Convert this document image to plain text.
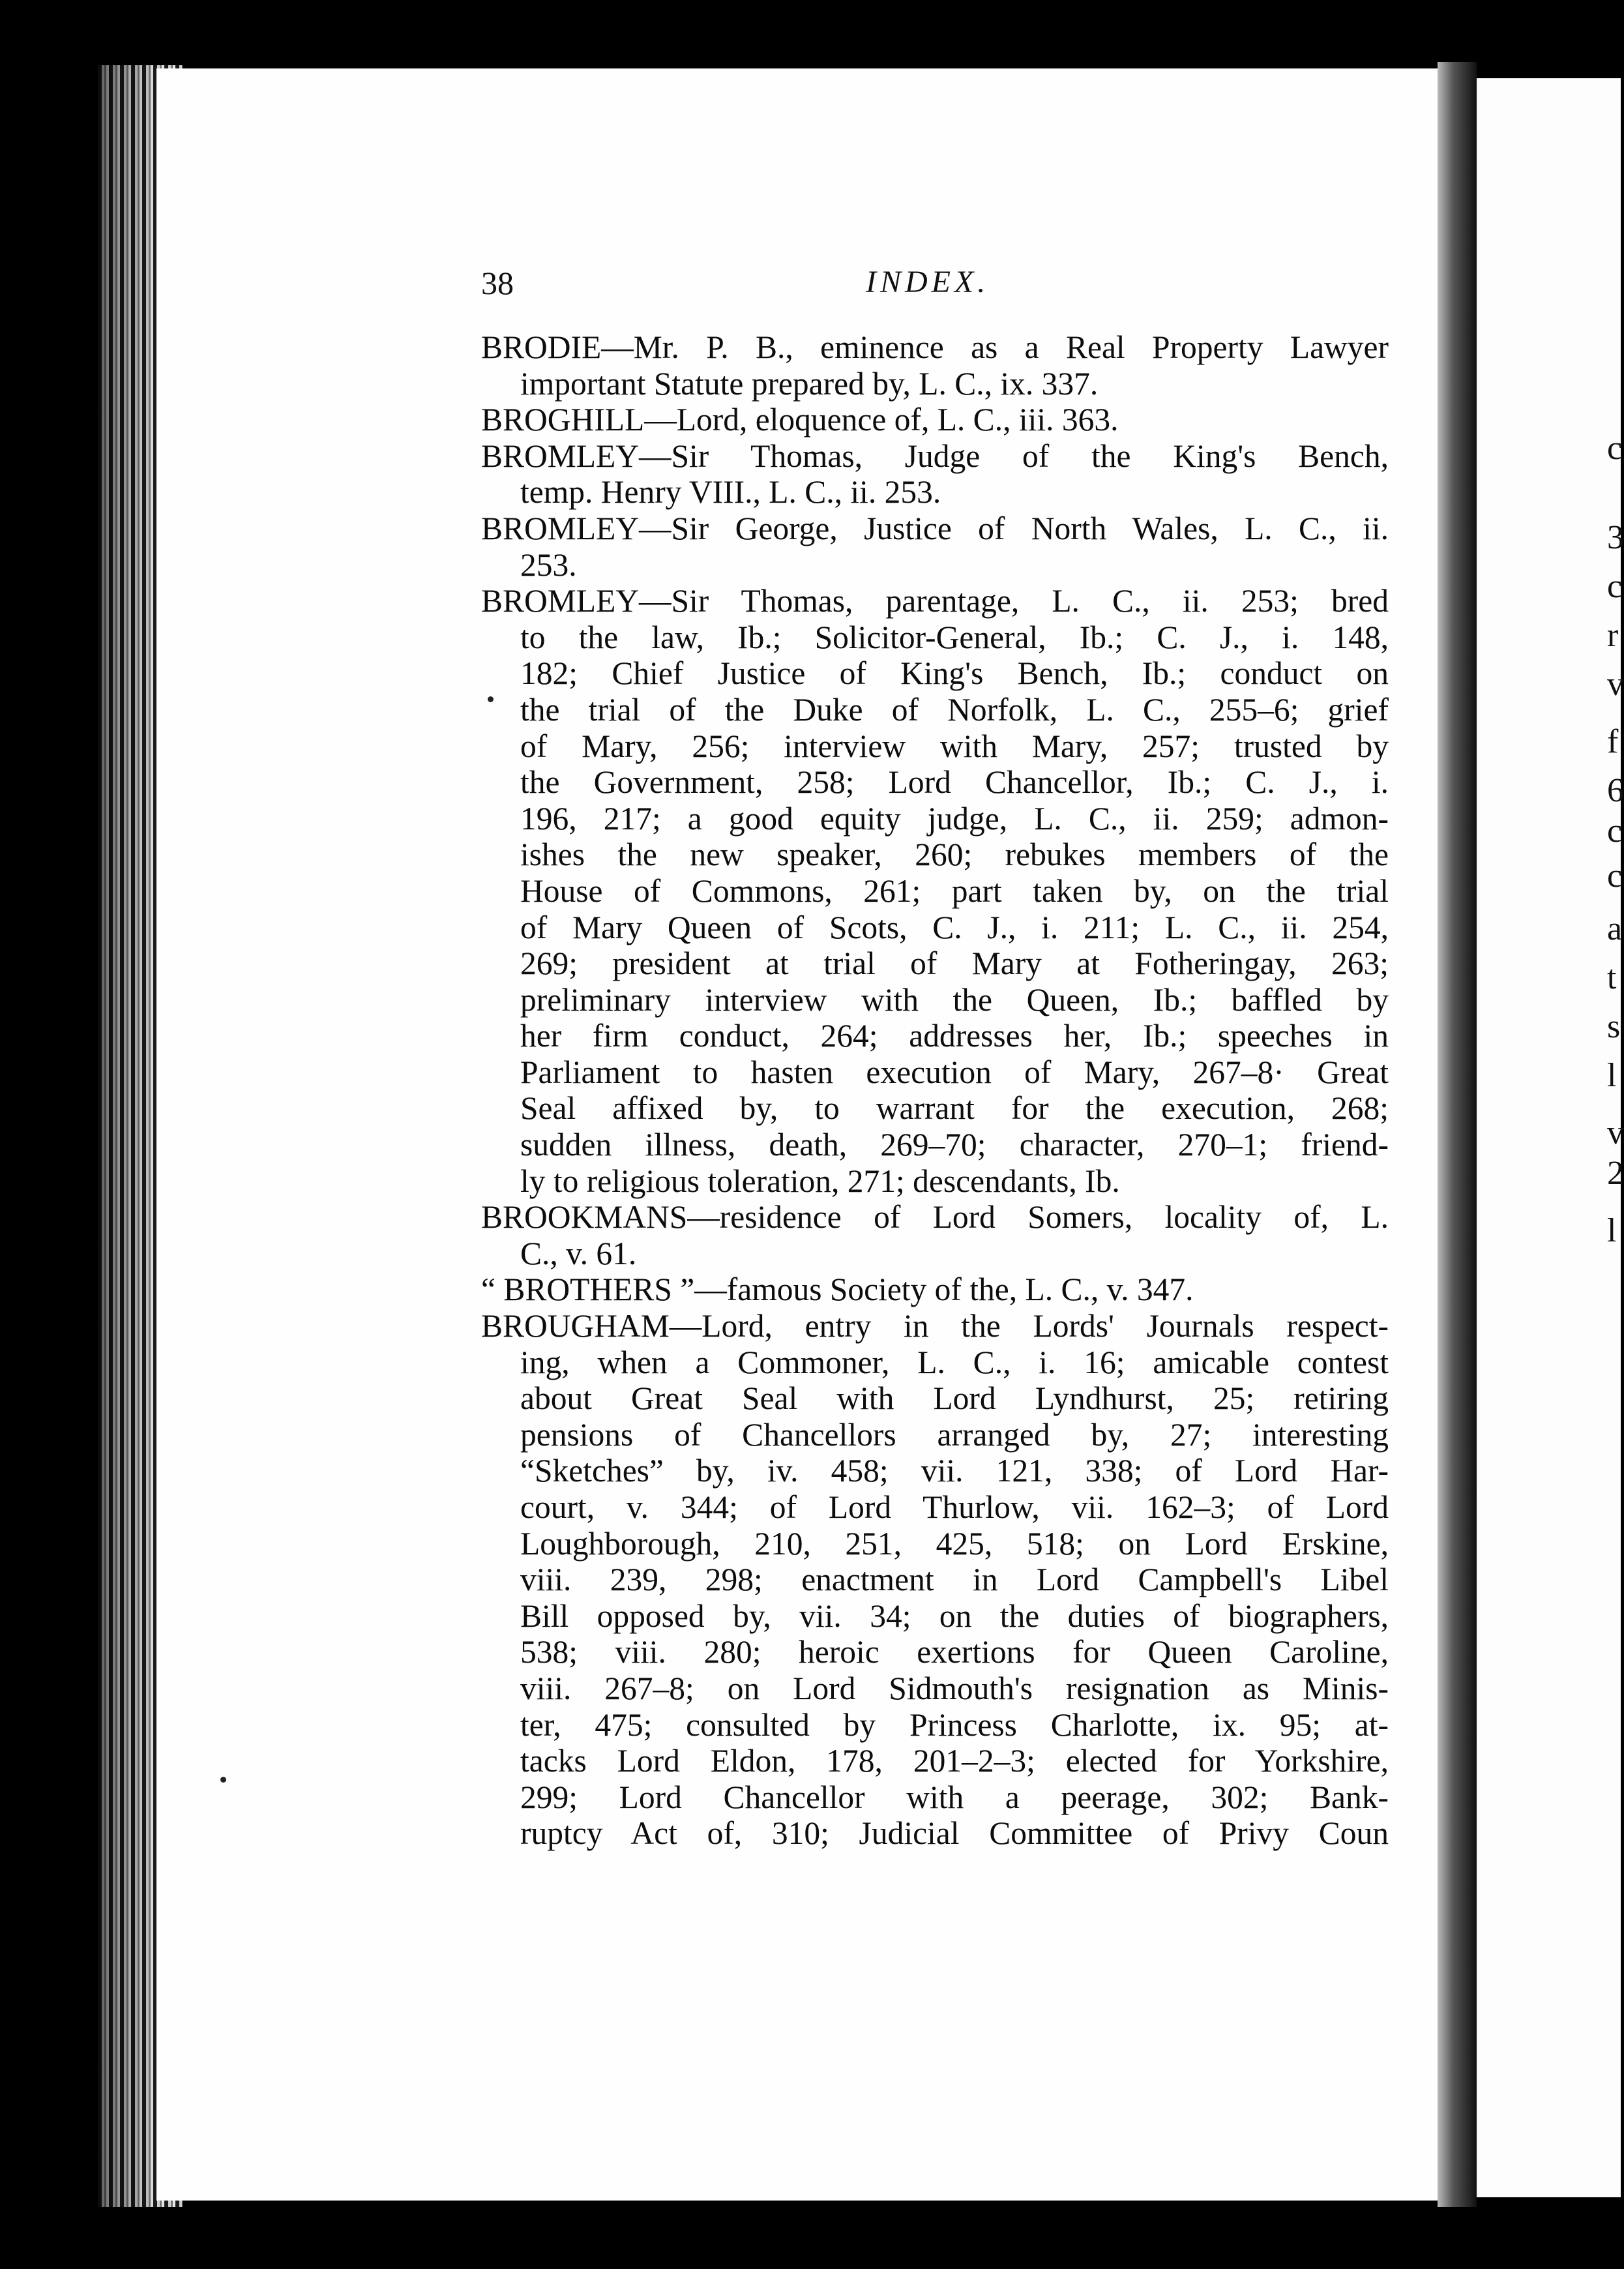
c
3
c
r
v
f
6
c
c
a
t
s
l
v
2
l
38	INDEX.
BRODIE—Mr. P. B., eminence as a Real Property Lawyer
important Statute prepared by, L. C., ix. 337.
BROGHILL—Lord, eloquence of, L. C., iii. 363.
BROMLEY—Sir Thomas, Judge of the King's Bench,
temp. Henry VIII., L. C., ii. 253.
BROMLEY—Sir George, Justice of North Wales, L. C., ii.
253.
BROMLEY—Sir Thomas, parentage, L. C., ii. 253; bred
to the law, Ib.; Solicitor-General, Ib.; C. J., i. 148,
182; Chief Justice of King's Bench, Ib.; conduct on
the trial of the Duke of Norfolk, L. C., 255–6; grief
of Mary, 256; interview with Mary, 257; trusted by
the Government, 258; Lord Chancellor, Ib.; C. J., i.
196, 217; a good equity judge, L. C., ii. 259; admon-
ishes the new speaker, 260; rebukes members of the
House of Commons, 261; part taken by, on the trial
of Mary Queen of Scots, C. J., i. 211; L. C., ii. 254,
269; president at trial of Mary at Fotheringay, 263;
preliminary interview with the Queen, Ib.; baffled by
her firm conduct, 264; addresses her, Ib.; speeches in
Parliament to hasten execution of Mary, 267–8· Great
Seal affixed by, to warrant for the execution, 268;
sudden illness, death, 269–70; character, 270–1; friend-
ly to religious toleration, 271; descendants, Ib.
BROOKMANS—residence of Lord Somers, locality of, L.
C., v. 61.
“ BROTHERS ”—famous Society of the, L. C., v. 347.
BROUGHAM—Lord, entry in the Lords' Journals respect-
ing, when a Commoner, L. C., i. 16; amicable contest
about Great Seal with Lord Lyndhurst, 25; retiring
pensions of Chancellors arranged by, 27; interesting
“Sketches” by, iv. 458; vii. 121, 338; of Lord Har-
court, v. 344; of Lord Thurlow, vii. 162–3; of Lord
Loughborough, 210, 251, 425, 518; on Lord Erskine,
viii. 239, 298; enactment in Lord Campbell's Libel
Bill opposed by, vii. 34; on the duties of biographers,
538; viii. 280; heroic exertions for Queen Caroline,
viii. 267–8; on Lord Sidmouth's resignation as Minis-
ter, 475; consulted by Princess Charlotte, ix. 95; at-
tacks Lord Eldon, 178, 201–2–3; elected for Yorkshire,
299; Lord Chancellor with a peerage, 302; Bank-
ruptcy Act of, 310; Judicial Committee of Privy Coun
